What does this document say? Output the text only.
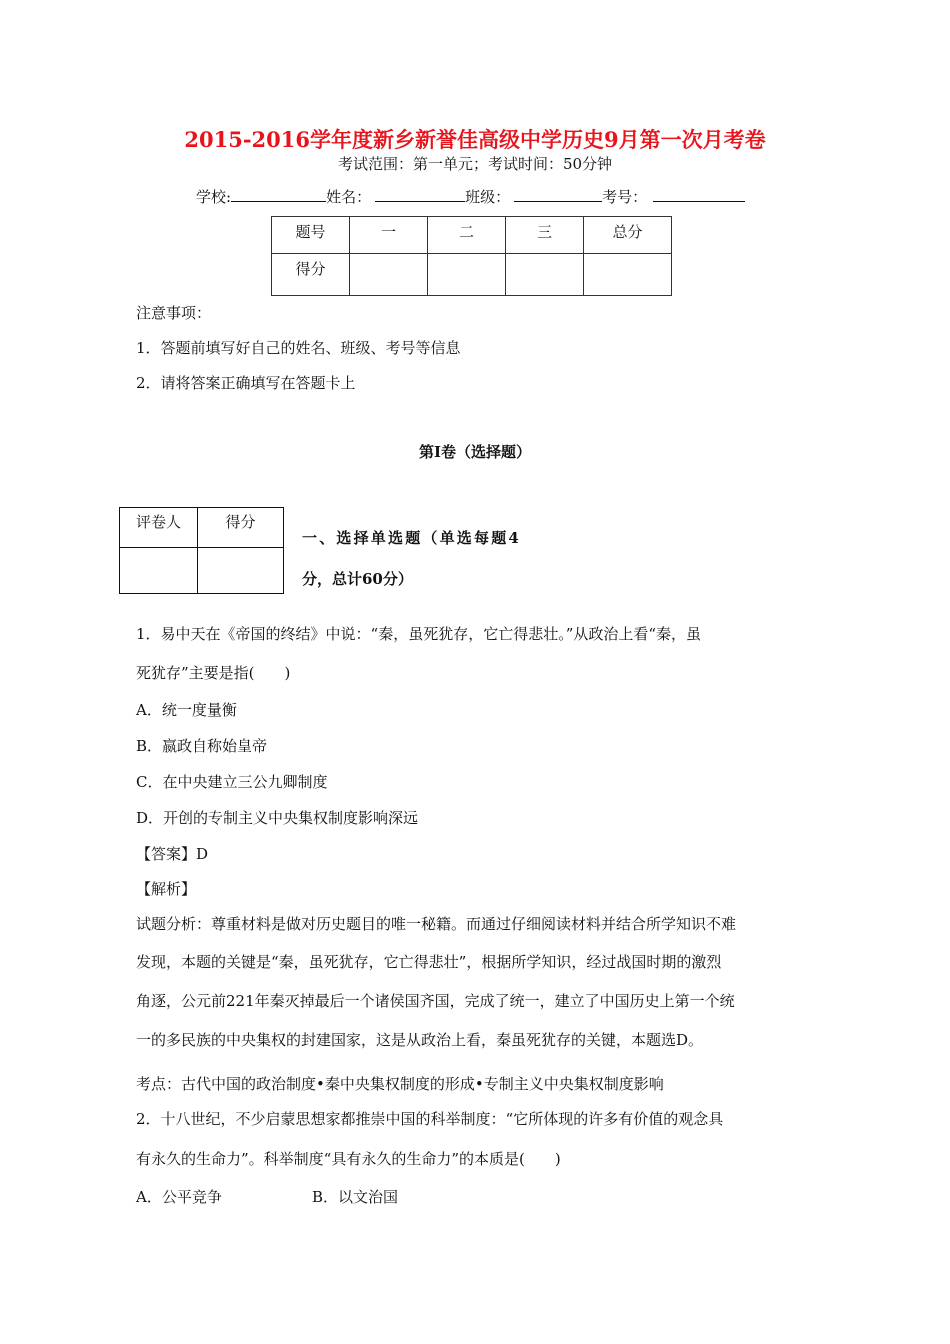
2015-2016学年度新乡新誉佳高级中学历史9月第一次月考卷
考试范围：第一单元；考试时间：50分钟
学校:	姓名：	班级：	考号：
题号	一	二	三	总分
得分				
注意事项：
1．答题前填写好自己的姓名、班级、考号等信息
2．请将答案正确填写在答题卡上
第I卷（选择题）
评卷人	得分

一、选择单选题（单选每题4
分，总计60分）
1．易中天在《帝国的终结》中说：“秦，虽死犹存，它亡得悲壮。”从政治上看“秦，虽
死犹存”主要是指(　　)
A．统一度量衡
B．嬴政自称始皇帝
C．在中央建立三公九卿制度
D．开创的专制主义中央集权制度影响深远
【答案】D
【解析】
试题分析：尊重材料是做对历史题目的唯一秘籍。而通过仔细阅读材料并结合所学知识不难
发现，本题的关键是“秦，虽死犹存，它亡得悲壮”，根据所学知识，经过战国时期的激烈
角逐，公元前221年秦灭掉最后一个诸侯国齐国，完成了统一，建立了中国历史上第一个统
一的多民族的中央集权的封建国家，这是从政治上看，秦虽死犹存的关键，本题选D。
考点：古代中国的政治制度•秦中央集权制度的形成•专制主义中央集权制度影响
2．十八世纪，不少启蒙思想家都推崇中国的科举制度：“它所体现的许多有价值的观念具
有永久的生命力”。科举制度“具有永久的生命力”的本质是(　　)
A．公平竞争	B．以文治国
